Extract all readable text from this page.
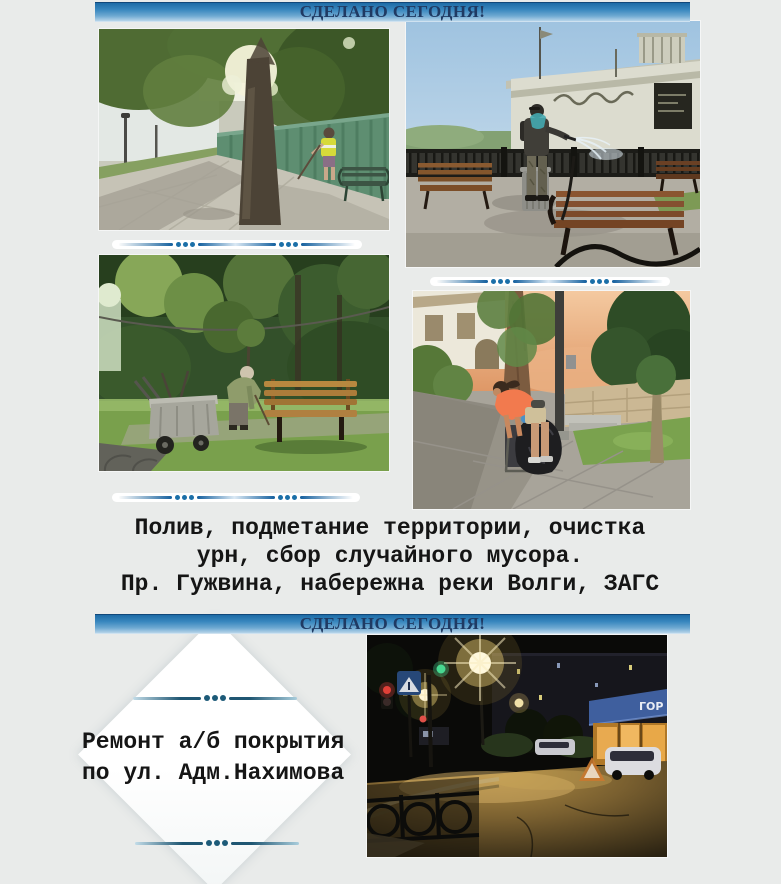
СДЕЛАНО СЕГОДНЯ!
Полив, подметание территории, очистка
урн, сбор случайного мусора.
Пр. Гужвина, набережна реки Волги, ЗАГС
СДЕЛАНО СЕГОДНЯ!
Ремонт а/б покрытия
по ул. Адм.Нахимова
ГОР
